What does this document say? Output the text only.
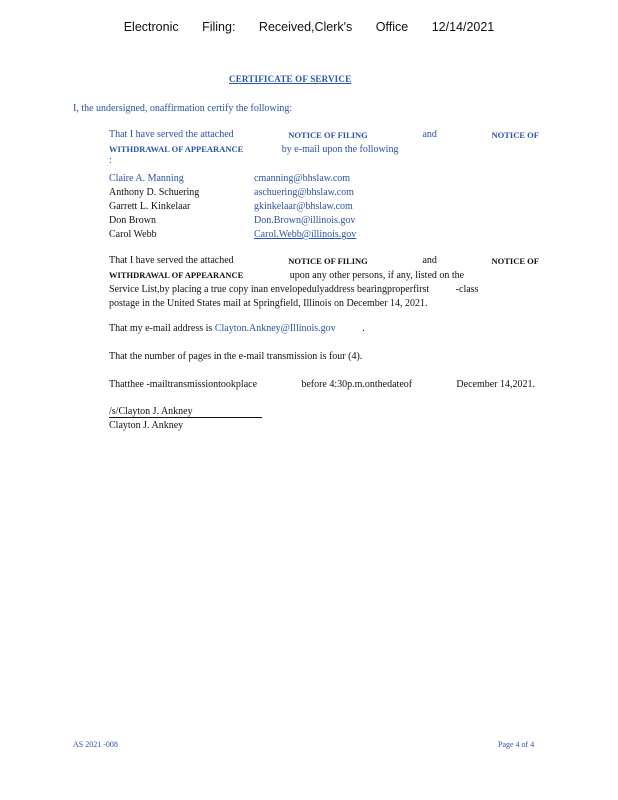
Electronic Filing: Received,Clerk's Office 12/14/2021
CERTIFICATE OF SERVICE
I, the undersigned, onaffirmation certify the following:
That I have served the attached	NOTICE OF FILING	and	NOTICE OF
WITHDRAWAL OF APPEARANCE	by e-mail upon the following
:
Claire A. Manning	cmanning@bhslaw.com
Anthony D. Schuering	aschuering@bhslaw.com
Garrett L. Kinkelaar	gkinkelaar@bhslaw.com
Don Brown	Don.Brown@illinois.gov
Carol Webb	Carol.Webb@illinois.gov
That I have served the attached	NOTICE OF FILING	and	NOTICE OF
WITHDRAWAL OF APPEARANCE	upon any other persons, if any, listed on the
Service List,by placing a true copy inan envelopedulyaddress bearingproperfirst	-class
postage in the United States mail at Springfield, Illinois on December 14, 2021.
That my e-mail address is Clayton.Ankney@Illinois.gov	.
That the number of pages in the e-mail transmission is four (4).
Thatthee -mailtransmissiontookplace	before 4:30p.m.onthedateof	December 14,2021.
/s/Clayton J. Ankney
Clayton J. Ankney
AS 2021 -008	Page 4 of 4
